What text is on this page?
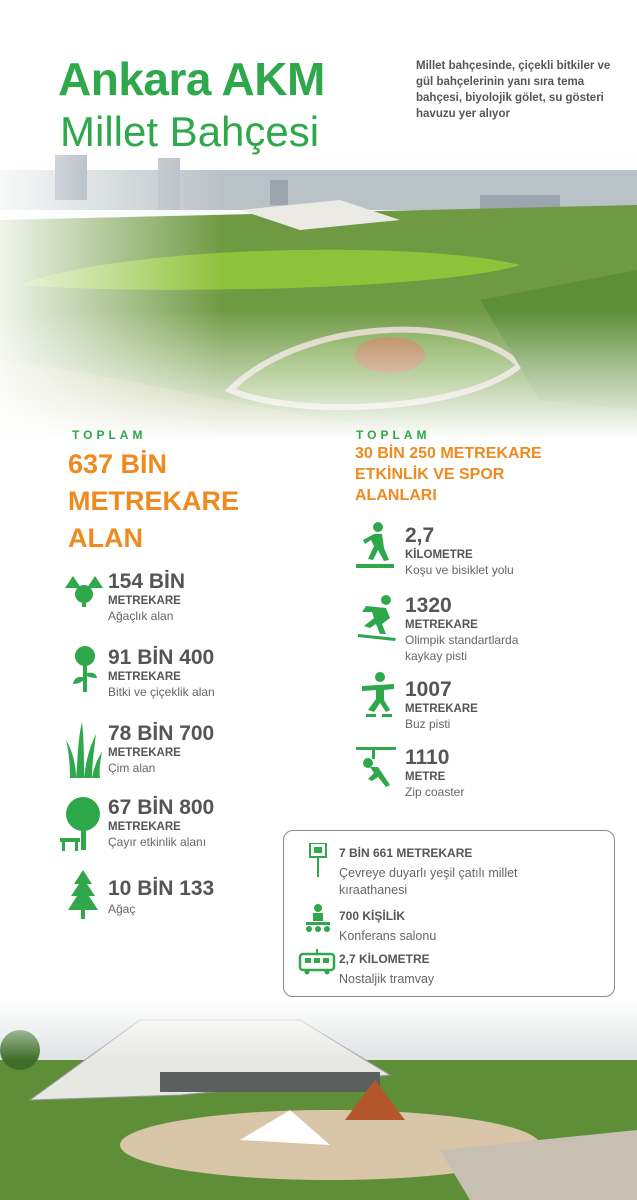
Ankara AKM
Millet Bahçesi
Millet bahçesinde, çiçekli bitkiler ve gül bahçelerinin yanı sıra tema bahçesi, biyolojik gölet, su gösteri havuzu yer alıyor
TOPLAM
637 BİN
METREKARE
ALAN
154 BİN
METREKARE
Ağaçlık alan
91 BİN 400
METREKARE
Bitki ve çiçeklik alan
78 BİN 700
METREKARE
Çim alan
67 BİN 800
METREKARE
Çayır etkinlik alanı
10 BİN 133
Ağaç
TOPLAM
30 BİN 250 METREKARE
ETKİNLİK VE SPOR
ALANLARI
2,7
KİLOMETRE
Koşu ve bisiklet yolu
1320
METREKARE
Olimpik standartlarda
kaykay pisti
1007
METREKARE
Buz pisti
1110
METRE
Zip coaster
7 BİN 661 METREKARE
Çevreye duyarlı yeşil çatılı millet
kıraathanesi
700 KİŞİLİK
Konferans salonu
2,7 KİLOMETRE
Nostaljik tramvay
